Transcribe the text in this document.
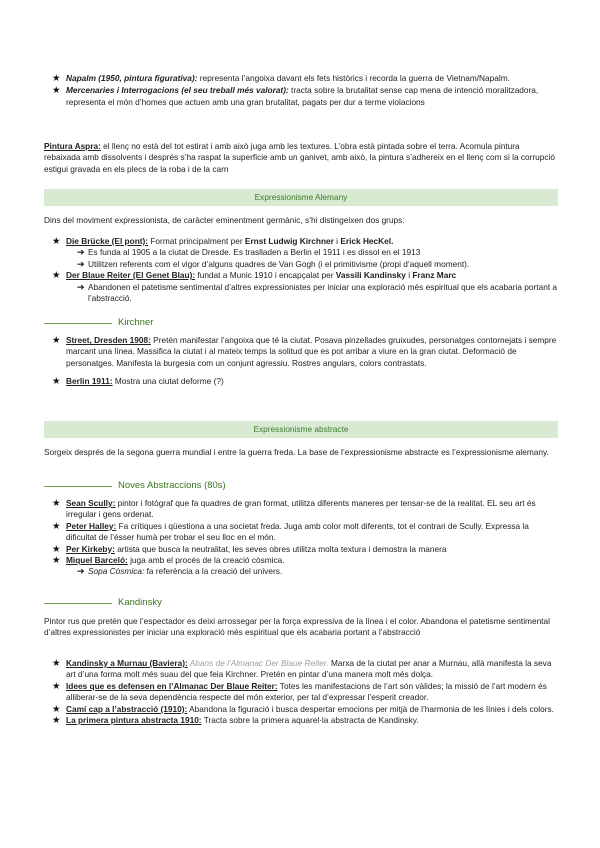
★ Napalm (1950, pintura figurativa): representa l’angoixa davant els fets històrics i recorda la guerra de Vietnam/Napalm.
★ Mercenaries i Interrogacions (el seu treball més valorat): tracta sobre la brutalitat sense cap mena de intenció moralitzadora, representa el món d’homes que actuen amb una gran brutalitat, pagats per dur a terme violacions

Pintura Aspra: el llenç no està del tot estirat i amb això juga amb les textures. L’obra està pintada sobre el terra. Acomula pintura rebaixada amb dissolvents i després s’ha raspat la superficie amb un ganivet, amb això, la pintura s’adhereix en el llenç com si la corrupció estigui gravada en els plecs de la roba i de la carn

Expressionisme Alemany

Dins del moviment expressionista, de caràcter eminentment germànic, s’hi distingeixen dos grups:

★ Die Brücke (El pont): Format principalment per Ernst Ludwig Kirchner i Erick HecKel.
➔ Es funda al 1905 a la ciutat de Dresde. Es traslladen a Berlin el 1911 i es dissol en el 1913
➔ Utilitzen referents com el vigor d’alguns quadres de Van Gogh (i el primitivisme (propi d’aquell moment).
★ Der Blaue Reiter (El Genet Blau): fundat a Munic 1910 i encapçalat per Vassili Kandinsky i Franz Marc
➔ Abandonen el patetisme sentimental d’altres expressionistes per iniciar una exploració més espiritual que els acabaria portant a l’abstracció.
Kirchner
★ Street, Dresden 1908: Pretén manifestar l’angoixa que té la ciutat. Posava pinzellades gruixudes, personatges contornejats i sempre marcant una línea. Massifica la ciutat i al mateix temps la solitud que es pot arribar a viure en la gran ciutat. Deformació de personatges. Manifesta la burgesia com un conjunt agressiu. Rostres angulars, colors contrastats.
★ Berlin 1911: Mostra una ciutat deforme (?)
Expressionisme abstracte

Sorgeix després de la segona guerra mundial i entre la guerra freda. La base de l’expressionisme abstracte es l’expressionisme alemany.

Noves Abstraccions (80s)
★ Sean Scully: pintor i fotògraf que fa quadres de gran format, utilitza diferents maneres per tensar-se de la realitat. EL seu art és irregular i gens ordenat.
★ Peter Halley: Fa crítiques i qüestiona a una societat freda. Juga amb color molt diferents, tot el contrari de Scully. Expressa la dificultat de l’ésser humà per trobar el seu lloc en el món.
★ Per Kirkeby: artista que busca la neutralitat, les seves obres utilitza molta textura i demostra la manera
★ Miquel Barceló: juga amb el procés de la creació còsmica.
➔ Sopa Còsmica: fa referència a la creació del univers.
Kandinsky

Pintor rus que pretén que l’espectador es deixi arrossegar per la força expressiva de la línea i el color. Abandona el patetisme sentimental d’altres expressionistes per iniciar una exploració més espiritual que els acabaria portant a l’abstracció

★ Kandinsky a Murnau (Baviera): Abans de l’Almanac Der Blaue Reiter. Marxa de la ciutat per anar a Murnau, allà manifesta la seva art d’una forma molt més suau del que feia Kirchner. Pretén en pintar d’una manera molt més dolça.
★ Idees que es defensen en l’Almanac Der Blaue Reiter: Totes les manifestacions de l’art són vàlides; la missió de l’art modern és alliberar-se de la seva dependència respecte del món exterior, per tal d’expressar l’esperit creador.
★ Camí cap a l’abstracció (1910): Abandona la figuració i busca despertar emocions per mitjà de l’harmonia de les línies i dels colors.
★ La primera pintura abstracta 1910: Tracta sobre la primera aquarel·la abstracta de Kandinsky.
